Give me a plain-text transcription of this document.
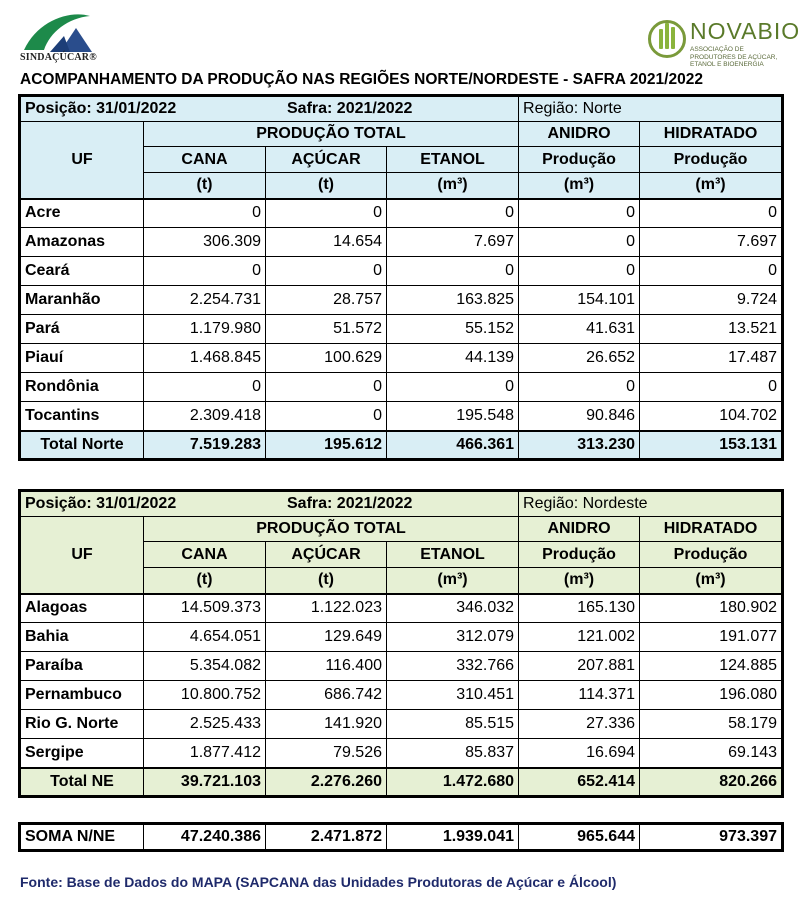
SINDAÇÚCAR®
NOVABIO
ASSOCIAÇÃO DE PRODUTORES DE AÇÚCAR, ETANOL E BIOENERGIA
ACOMPANHAMENTO DA PRODUÇÃO NAS REGIÕES NORTE/NORDESTE - SAFRA 2021/2022
Posição: 31/01/2022 Safra: 2021/2022				Região: Norte	
UF	PRODUÇÃO TOTAL			ANIDRO	HIDRATADO
	CANA	AÇÚCAR	ETANOL	Produção	Produção
	(t)	(t)	(m³)	(m³)	(m³)
Acre	0	0	0	0	0
Amazonas	306.309	14.654	7.697	0	7.697
Ceará	0	0	0	0	0
Maranhão	2.254.731	28.757	163.825	154.101	9.724
Pará	1.179.980	51.572	55.152	41.631	13.521
Piauí	1.468.845	100.629	44.139	26.652	17.487
Rondônia	0	0	0	0	0
Tocantins	2.309.418	0	195.548	90.846	104.702
Total Norte	7.519.283	195.612	466.361	313.230	153.131
Posição: 31/01/2022 Safra: 2021/2022				Região: Nordeste	
UF	PRODUÇÃO TOTAL			ANIDRO	HIDRATADO
	CANA	AÇÚCAR	ETANOL	Produção	Produção
	(t)	(t)	(m³)	(m³)	(m³)
Alagoas	14.509.373	1.122.023	346.032	165.130	180.902
Bahia	4.654.051	129.649	312.079	121.002	191.077
Paraíba	5.354.082	116.400	332.766	207.881	124.885
Pernambuco	10.800.752	686.742	310.451	114.371	196.080
Rio G. Norte	2.525.433	141.920	85.515	27.336	58.179
Sergipe	1.877.412	79.526	85.837	16.694	69.143
Total NE	39.721.103	2.276.260	1.472.680	652.414	820.266
SOMA N/NE	47.240.386	2.471.872	1.939.041	965.644	973.397
Fonte: Base de Dados do MAPA (SAPCANA das Unidades Produtoras de Açúcar e Álcool)
